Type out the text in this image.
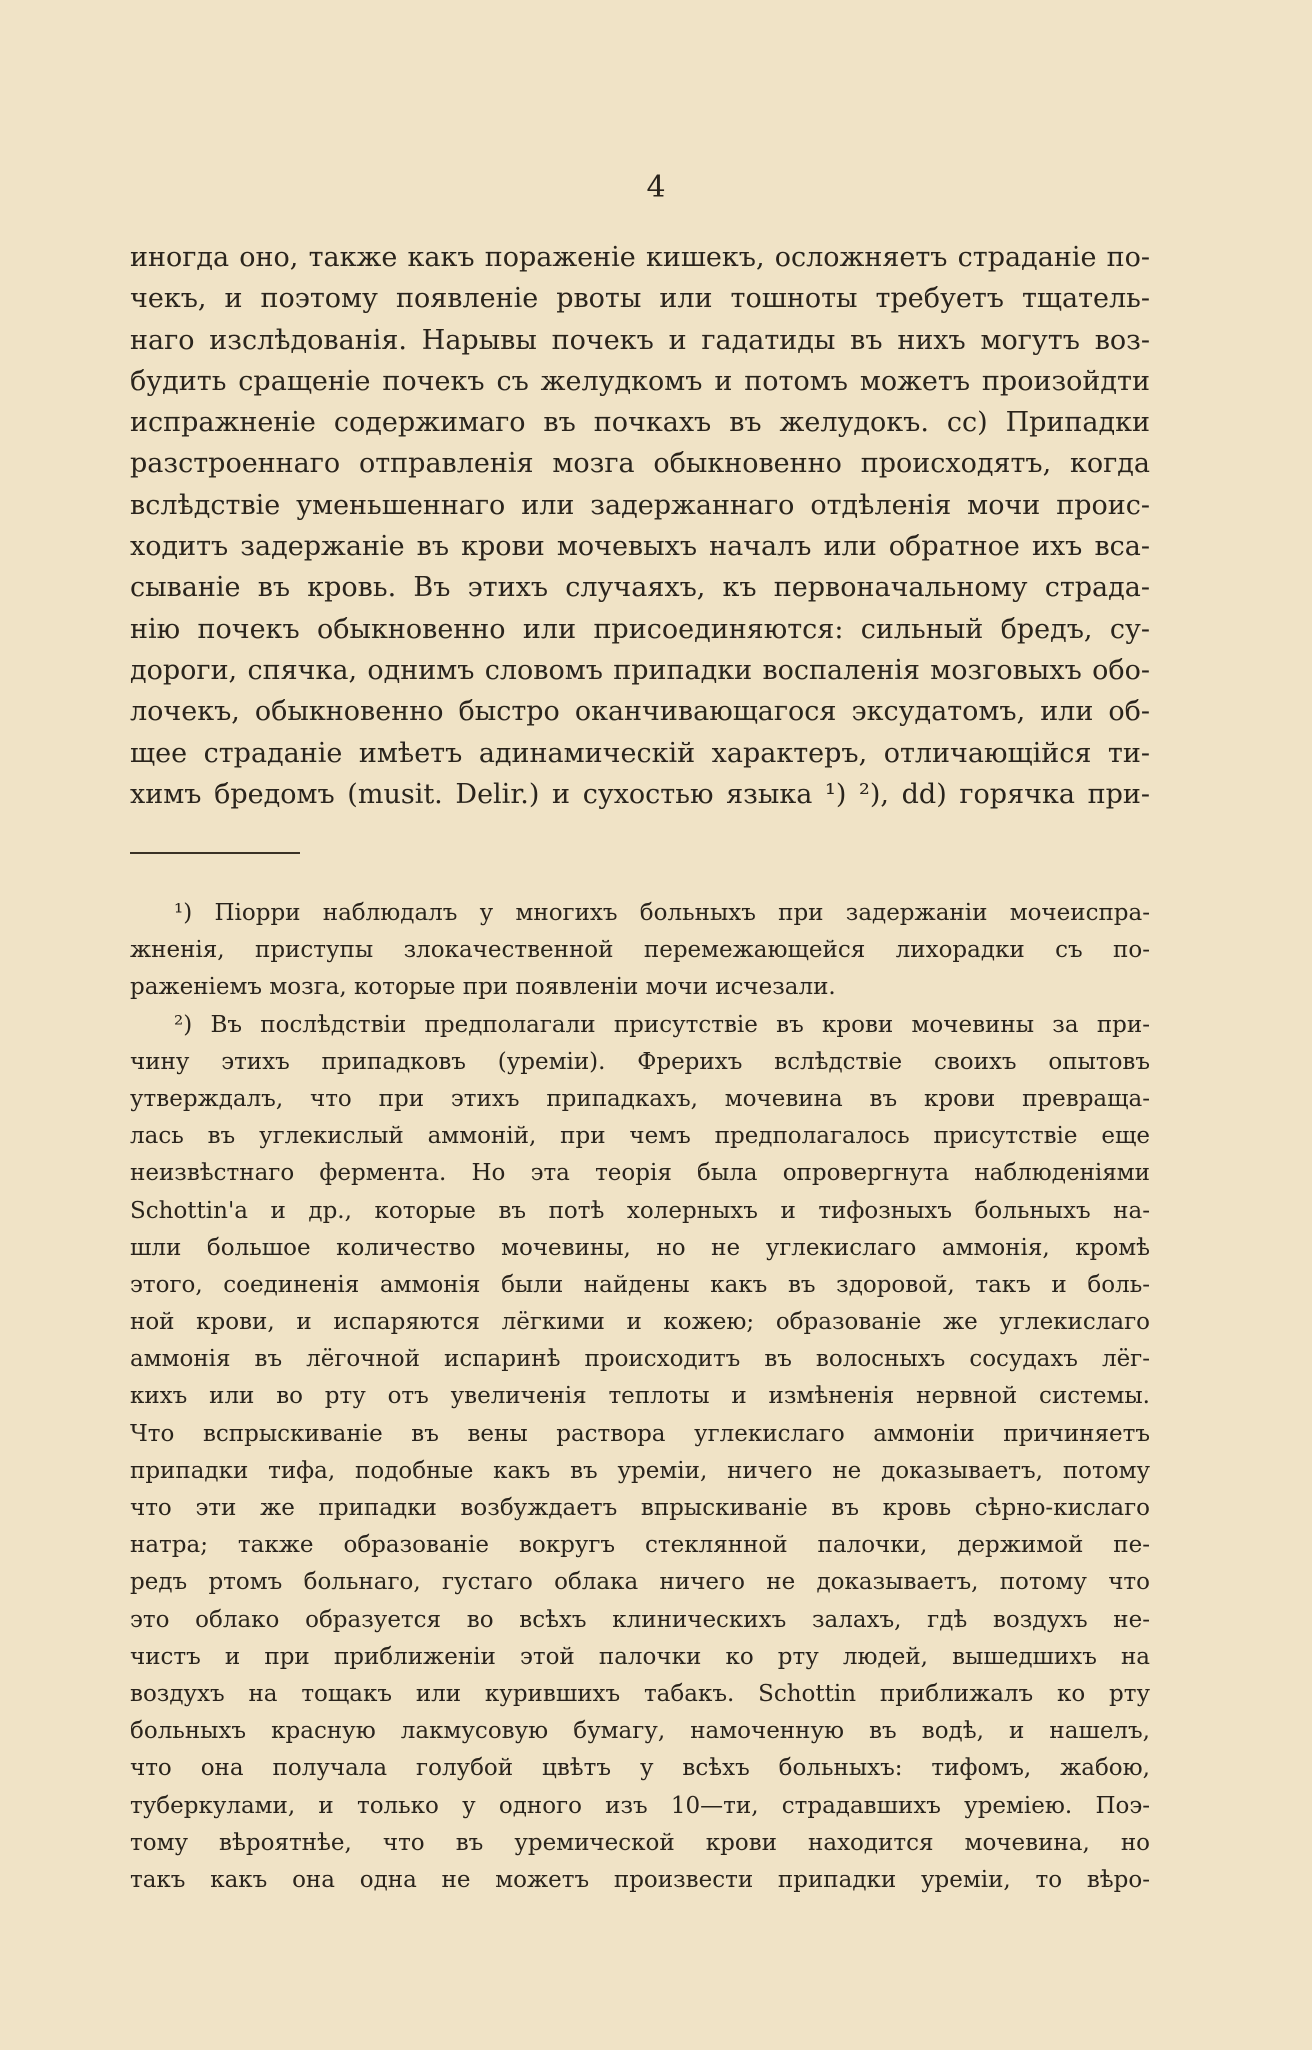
4
иногда оно, также какъ пораженіе кишекъ, осложняетъ страданіе по-
чекъ, и поэтому появленіе рвоты или тошноты требуетъ тщатель-
наго изслѣдованія. Нарывы почекъ и гадатиды въ нихъ могутъ воз-
будить сращеніе почекъ съ желудкомъ и потомъ можетъ произойдти
испражненіе содержимаго въ почкахъ въ желудокъ. cc) Припадки
разстроеннаго отправленія мозга обыкновенно происходятъ, когда
вслѣдствіе уменьшеннаго или задержаннаго отдѣленія мочи проис-
ходитъ задержаніе въ крови мочевыхъ началъ или обратное ихъ вса-
сываніе въ кровь. Въ этихъ случаяхъ, къ первоначальному страда-
нію почекъ обыкновенно или присоединяются: сильный бредъ, су-
дороги, спячка, однимъ словомъ припадки воспаленія мозговыхъ обо-
лочекъ, обыкновенно быстро оканчивающагося эксудатомъ, или об-
щее страданіе имѣетъ адинамическій характеръ, отличающійся ти-
химъ бредомъ (musit. Delir.) и сухостью языка ¹) ²), dd) горячка при-
¹) Піорри наблюдалъ у многихъ больныхъ при задержаніи мочеиспра-
жненія, приступы злокачественной перемежающейся лихорадки съ по-
раженіемъ мозга, которые при появленіи мочи исчезали.
²) Въ послѣдствіи предполагали присутствіе въ крови мочевины за при-
чину этихъ припадковъ (уреміи). Фрерихъ вслѣдствіе своихъ опытовъ
утверждалъ, что при этихъ припадкахъ, мочевина въ крови превраща-
лась въ углекислый аммоній, при чемъ предполагалось присутствіе еще
неизвѣстнаго фермента. Но эта теорія была опровергнута наблюденіями
Schottin'a и др., которые въ потѣ холерныхъ и тифозныхъ больныхъ на-
шли большое количество мочевины, но не углекислаго аммонія, кромѣ
этого, соединенія аммонія были найдены какъ въ здоровой, такъ и боль-
ной крови, и испаряются лёгкими и кожею; образованіе же углекислаго
аммонія въ лёгочной испаринѣ происходитъ въ волосныхъ сосудахъ лёг-
кихъ или во рту отъ увеличенія теплоты и измѣненія нервной системы.
Что вспрыскиваніе въ вены раствора углекислаго аммоніи причиняетъ
припадки тифа, подобные какъ въ уреміи, ничего не доказываетъ, потому
что эти же припадки возбуждаетъ впрыскиваніе въ кровь сѣрно-кислаго
натра; также образованіе вокругъ стеклянной палочки, держимой пе-
редъ ртомъ больнаго, густаго облака ничего не доказываетъ, потому что
это облако образуется во всѣхъ клиническихъ залахъ, гдѣ воздухъ не-
чистъ и при приближеніи этой палочки ко рту людей, вышедшихъ на
воздухъ на тощакъ или курившихъ табакъ. Schottin приближалъ ко рту
больныхъ красную лакмусовую бумагу, намоченную въ водѣ, и нашелъ,
что она получала голубой цвѣтъ у всѣхъ больныхъ: тифомъ, жабою,
туберкулами, и только у одного изъ 10—ти, страдавшихъ уреміею. Поэ-
тому вѣроятнѣе, что въ уремической крови находится мочевина, но
такъ какъ она одна не можетъ произвести припадки уреміи, то вѣро-
